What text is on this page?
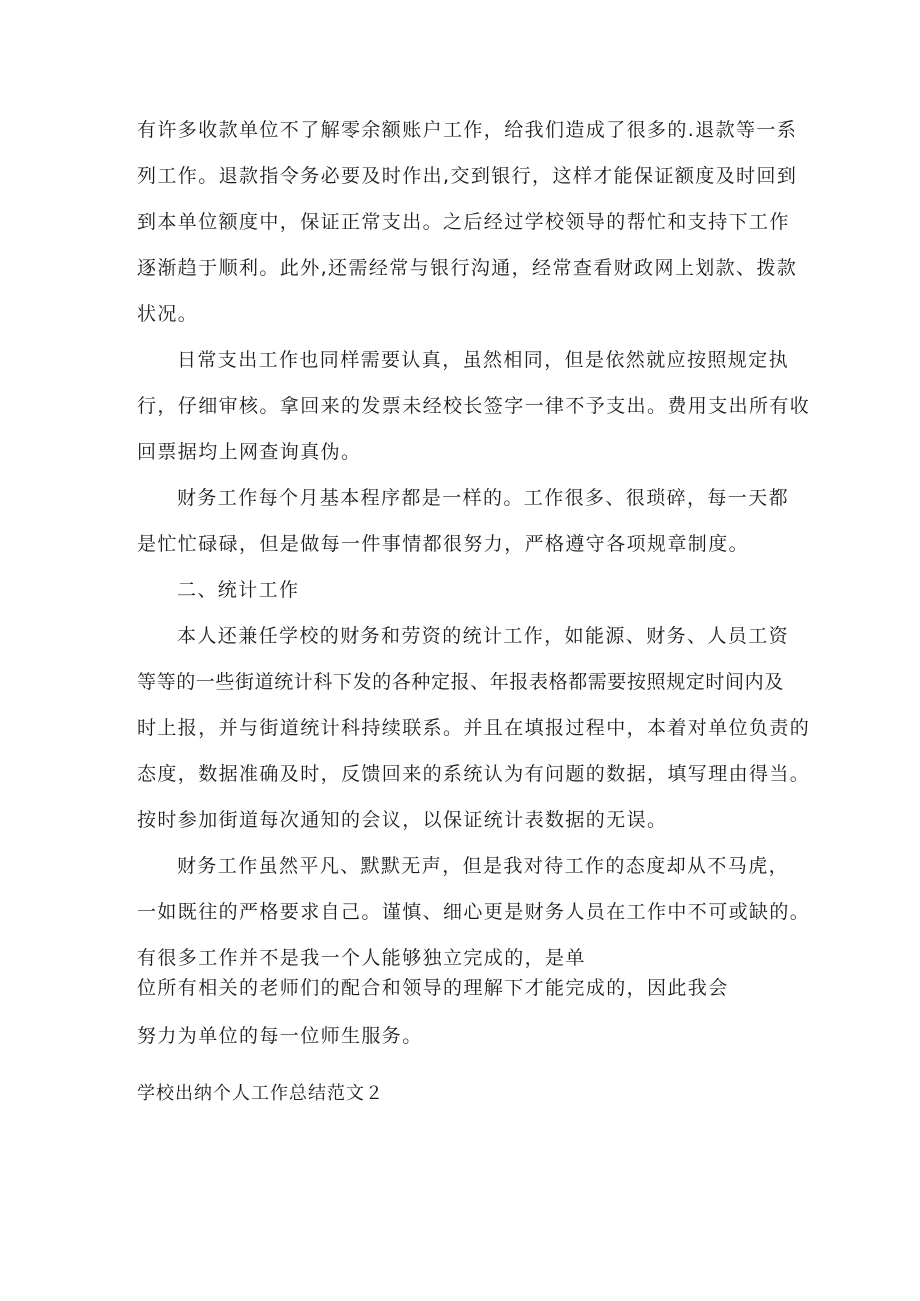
有许多收款单位不了解零余额账户工作，给我们造成了很多的.退款等一系
列工作。退款指令务必要及时作出,交到银行，这样才能保证额度及时回到
到本单位额度中，保证正常支出。之后经过学校领导的帮忙和支持下工作
逐渐趋于顺利。此外,还需经常与银行沟通，经常查看财政网上划款、拨款
状况。
日常支出工作也同样需要认真，虽然相同，但是依然就应按照规定执
行，仔细审核。拿回来的发票未经校长签字一律不予支出。费用支出所有收
回票据均上网查询真伪。
财务工作每个月基本程序都是一样的。工作很多、很琐碎，每一天都
是忙忙碌碌，但是做每一件事情都很努力，严格遵守各项规章制度。
二、统计工作
本人还兼任学校的财务和劳资的统计工作，如能源、财务、人员工资
等等的一些街道统计科下发的各种定报、年报表格都需要按照规定时间内及
时上报，并与街道统计科持续联系。并且在填报过程中，本着对单位负责的
态度，数据准确及时，反馈回来的系统认为有问题的数据，填写理由得当。
按时参加街道每次通知的会议，以保证统计表数据的无误。
财务工作虽然平凡、默默无声，但是我对待工作的态度却从不马虎，
一如既往的严格要求自己。谨慎、细心更是财务人员在工作中不可或缺的。
有很多工作并不是我一个人能够独立完成的，是单
位所有相关的老师们的配合和领导的理解下才能完成的，因此我会
努力为单位的每一位师生服务。
学校出纳个人工作总结范文２
